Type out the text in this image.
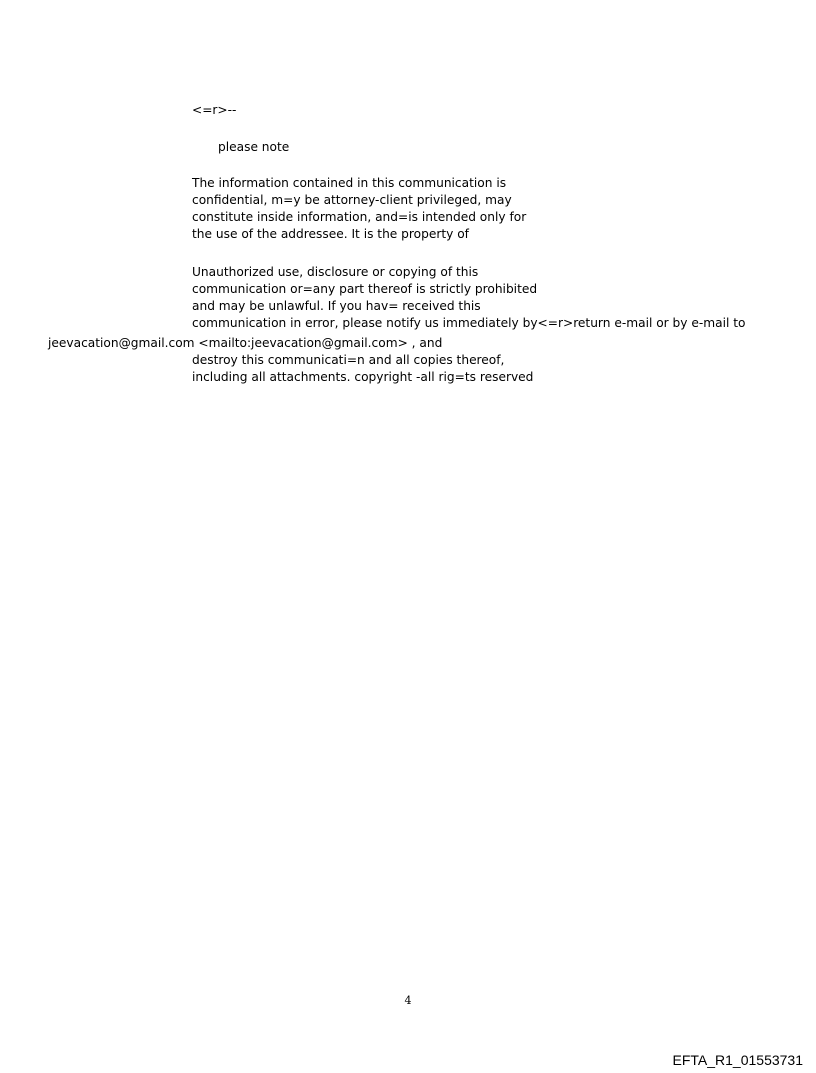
<=r>--
please note
The information contained in this communication is
confidential, m=y be attorney-client privileged, may
constitute inside information, and=is intended only for
the use of the addressee. It is the property of
Unauthorized use, disclosure or copying of this
communication or=any part thereof is strictly prohibited
and may be unlawful. If you hav= received this
communication in error, please notify us immediately by<=r>return e-mail or by e-mail to
jeevacation@gmail.com <mailto:jeevacation@gmail.com> , and
destroy this communicati=n and all copies thereof,
including all attachments. copyright -all rig=ts reserved
4
EFTA_R1_01553731
